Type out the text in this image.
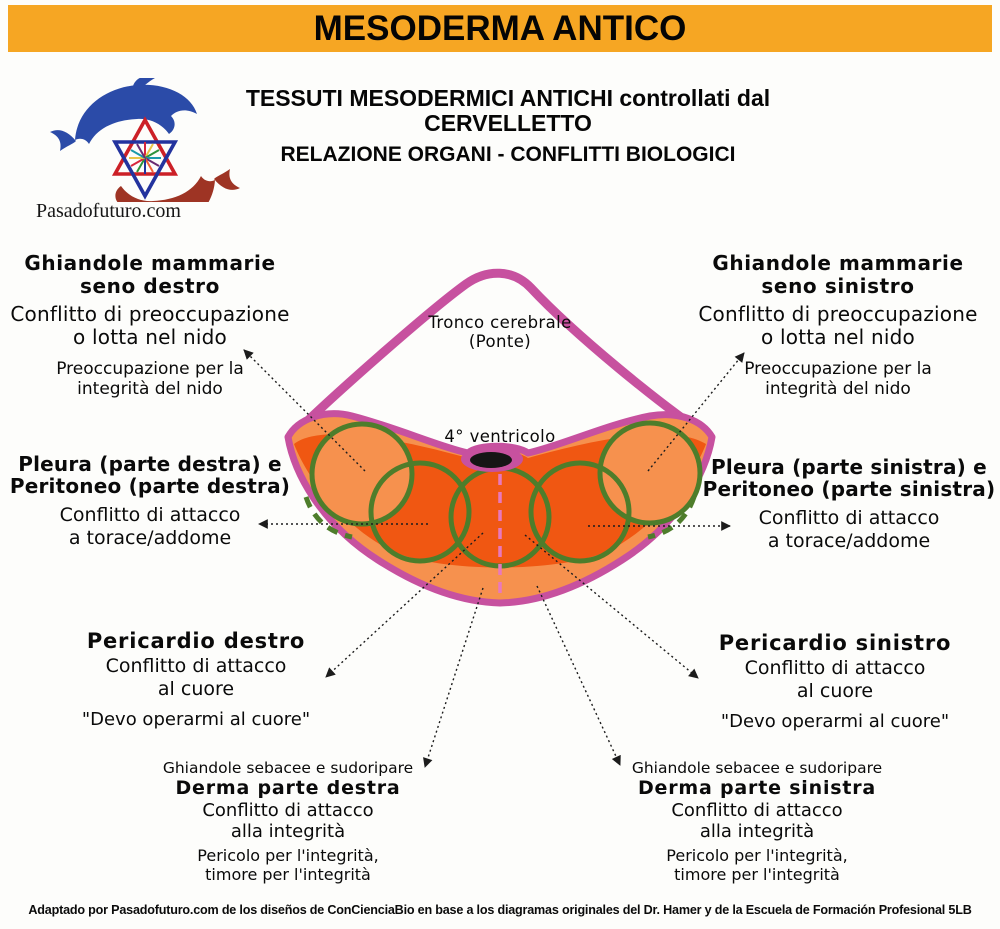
MESODERMA ANTICO
Pasadofuturo.com
TESSUTI MESODERMICI ANTICHI controllati dal
CERVELLETTO
RELAZIONE ORGANI - CONFLITTI BIOLOGICI
Tronco cerebrale
(Ponte)
4° ventricolo
Ghiandole mammarie
seno destro
Conflitto di preoccupazione
o lotta nel nido
Preoccupazione per la
integrità del nido
Ghiandole mammarie
seno sinistro
Conflitto di preoccupazione
o lotta nel nido
Preoccupazione per la
integrità del nido
Pleura (parte destra) e
Peritoneo (parte destra)
Conflitto di attacco
a torace/addome
Pleura (parte sinistra) e
Peritoneo (parte sinistra)
Conflitto di attacco
a torace/addome
Pericardio destro
Conflitto di attacco
al cuore
"Devo operarmi al cuore"
Pericardio sinistro
Conflitto di attacco
al cuore
"Devo operarmi al cuore"
Ghiandole sebacee e sudoripare
Derma parte destra
Conflitto di attacco
alla integrità
Pericolo per l'integrità,
timore per l'integrità
Ghiandole sebacee e sudoripare
Derma parte sinistra
Conflitto di attacco
alla integrità
Pericolo per l'integrità,
timore per l'integrità
Adaptado por Pasadofuturo.com de los diseños de ConCienciaBio en base a los diagramas originales del Dr. Hamer y de la Escuela de Formación Profesional 5LB
